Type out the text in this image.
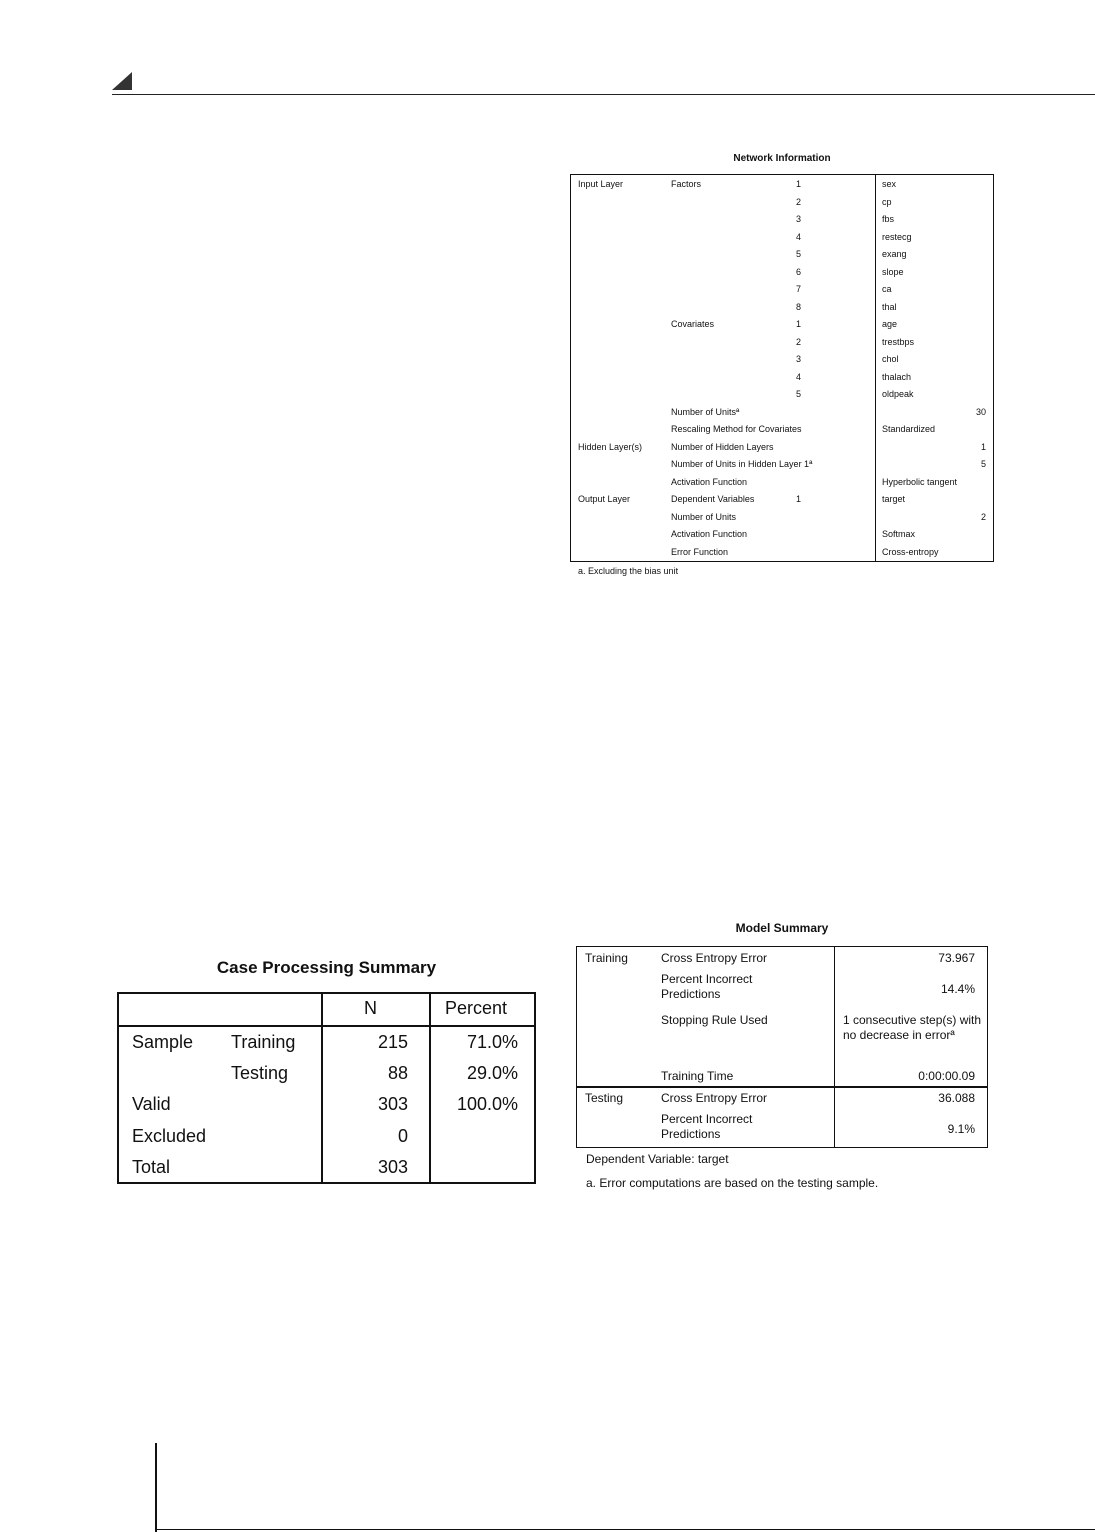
Network Information
Input Layer	Factors	1	sex
2	cp
3	fbs
4	restecg
5	exang
6	slope
7	ca
8	thal
Covariates	1	age
2	trestbps
3	chol
4	thalach
5	oldpeak
Number of Unitsª	30
Rescaling Method for Covariates	Standardized
Hidden Layer(s)	Number of Hidden Layers	1
Number of Units in Hidden Layer 1ª	5
Activation Function	Hyperbolic tangent
Output Layer	Dependent Variables	1	target
Number of Units	2
Activation Function	Softmax
Error Function	Cross-entropy
a. Excluding the bias unit
Model Summary
Training	Cross Entropy Error	73.967
Percent Incorrect Predictions	14.4%
Stopping Rule Used	1 consecutive step(s) with no decrease in errorª
Training Time	0:00:00.09
Testing	Cross Entropy Error	36.088
Percent Incorrect Predictions	9.1%
Dependent Variable: target
a. Error computations are based on the testing sample.
Case Processing Summary
N	Percent
Sample Training	215	71.0%
Testing	88	29.0%
Valid	303	100.0%
Excluded	0
Total	303
